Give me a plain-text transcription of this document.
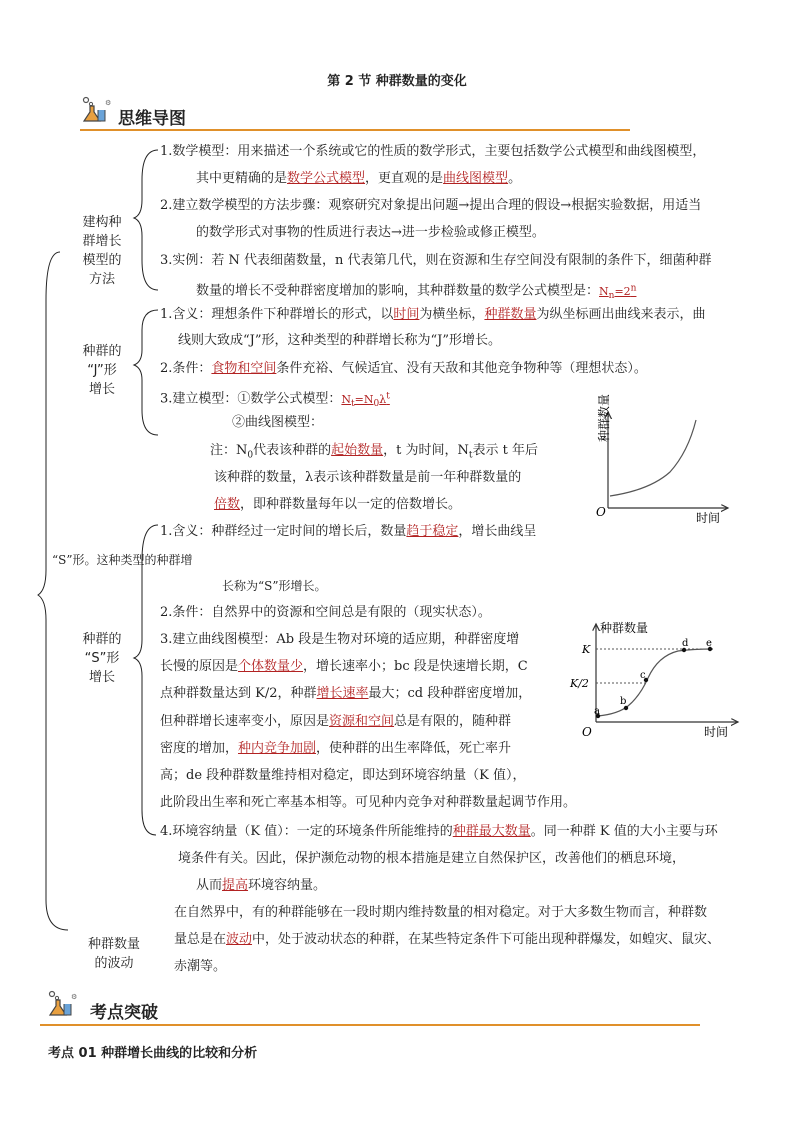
第 2 节 种群数量的变化
⚙
思维导图
建构种
群增长
模型的
方法
种群的
“J”形
增长
种群的
“S”形
增长
种群数量
的波动
1.数学模型：用来描述一个系统或它的性质的数学形式，主要包括数学公式模型和曲线图模型，
其中更精确的是数学公式模型，更直观的是曲线图模型。
2.建立数学模型的方法步骤：观察研究对象提出问题→提出合理的假设→根据实验数据，用适当
的数学形式对事物的性质进行表达→进一步检验或修正模型。
3.实例：若 N 代表细菌数量，n 代表第几代，则在资源和生存空间没有限制的条件下，细菌种群
数量的增长不受种群密度增加的影响，其种群数量的数学公式模型是：$N_n=2^n$
1.含义：理想条件下种群增长的形式，以时间为横坐标，种群数量为纵坐标画出曲线来表示，曲
线则大致成“J”形，这种类型的种群增长称为“J”形增长。
2.条件：食物和空间条件充裕、气候适宜、没有天敌和其他竞争物种等（理想状态）。
3.建立模型：①数学公式模型：$N_t=N_0\lambda^t$
②曲线图模型：
注：$N_0$代表该种群的起始数量，t 为时间，$N_t$表示 t 年后
该种群的数量，λ表示该种群数量是前一年种群数量的
倍数，即种群数量每年以一定的倍数增长。
种群数量
时间
O
1.含义：种群经过一定时间的增长后，数量趋于稳定，增长曲线呈
“S”形。这种类型的种群增
长称为“S”形增长。
2.条件：自然界中的资源和空间总是有限的（现实状态）。
3.建立曲线图模型：Ab 段是生物对环境的适应期，种群密度增
长慢的原因是个体数量少，增长速率小；bc 段是快速增长期，C
点种群数量达到 K/2，种群增长速率最大；cd 段种群密度增加，
但种群增长速率变小，原因是资源和空间总是有限的，随种群
密度的增加，种内竞争加剧，使种群的出生率降低，死亡率升
高；de 段种群数量维持相对稳定，即达到环境容纳量（K 值），
此阶段出生率和死亡率基本相等。可见种内竞争对种群数量起调节作用。
4.环境容纳量（K 值）：一定的环境条件所能维持的种群最大数量。同一种群 K 值的大小主要与环
境条件有关。因此，保护濒危动物的根本措施是建立自然保护区，改善他们的栖息环境，
从而提高环境容纳量。
种群数量
时间
O
K
K/2
a
b
c
d e
在自然界中，有的种群能够在一段时期内维持数量的相对稳定。对于大多数生物而言，种群数
量总是在波动中，处于波动状态的种群，在某些特定条件下可能出现种群爆发，如蝗灾、鼠灾、
赤潮等。
⚙
考点突破
考点 01 种群增长曲线的比较和分析
